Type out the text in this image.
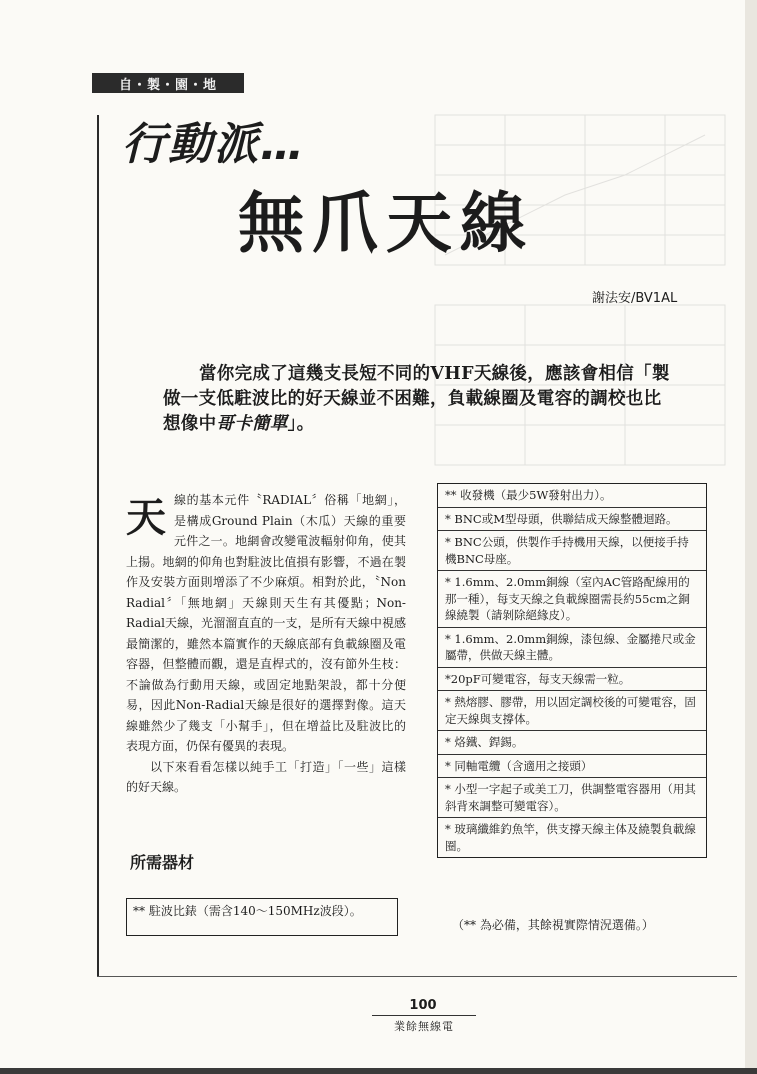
自・製・園・地
行動派…
無爪天線
謝法安/BV1AL
當你完成了這幾支長短不同的VHF天線後，應該會相信「製做一支低駐波比的好天線並不困難，負載線圈及電容的調校也比想像中哥卡簡單」。
天 線的基本元件〝RADIAL〞俗稱「地網」，是構成Ground Plain（木瓜）天線的重要元件之一。地網會改變電波輻射仰角，使其上揚。地網的仰角也對駐波比值損有影響，不過在製作及安裝方面則增添了不少麻煩。相對於此，〝Non Radial〞「無地網」天線則天生有其優點；Non-Radial天線，光溜溜直直的一支，是所有天線中視感最簡潔的，雖然本篇實作的天線底部有負載線圈及電容器，但整體而觀，還是直桿式的，沒有節外生枝：不論做為行動用天線，或固定地點架設，都十分便易，因此Non-Radial天線是很好的選擇對像。這天線雖然少了幾支「小幫手」，但在增益比及駐波比的表現方面，仍保有優異的表現。

以下來看看怎樣以純手工「打造」「一些」這樣的好天線。

所需器材
** 駐波比錶（需含140～150MHz波段）。
** 收發機（最少5W發射出力）。
* BNC或M型母頭，供聯結成天線整體迴路。
* BNC公頭，供製作手持機用天線，以便接手持機BNC母座。
* 1.6mm、2.0mm銅線（室內AC管路配線用的那一種），每支天線之負載線圈需長約55cm之銅線繞製（請剝除絕緣皮）。
* 1.6mm、2.0mm銅線，漆包線、金屬捲尺或金屬帶，供做天線主體。
*20pF可變電容，每支天線需一粒。
* 熱熔膠、膠帶，用以固定調校後的可變電容，固定天線與支撐体。
* 烙鐵、銲錫。
* 同軸電纜（含適用之接頭）
* 小型一字起子或美工刀，供調整電容器用（用其斜背來調整可變電容）。
* 玻璃纖維釣魚竿，供支撐天線主体及繞製負載線圈。
（** 為必備，其餘視實際情況選備。）
100
業餘無線電
